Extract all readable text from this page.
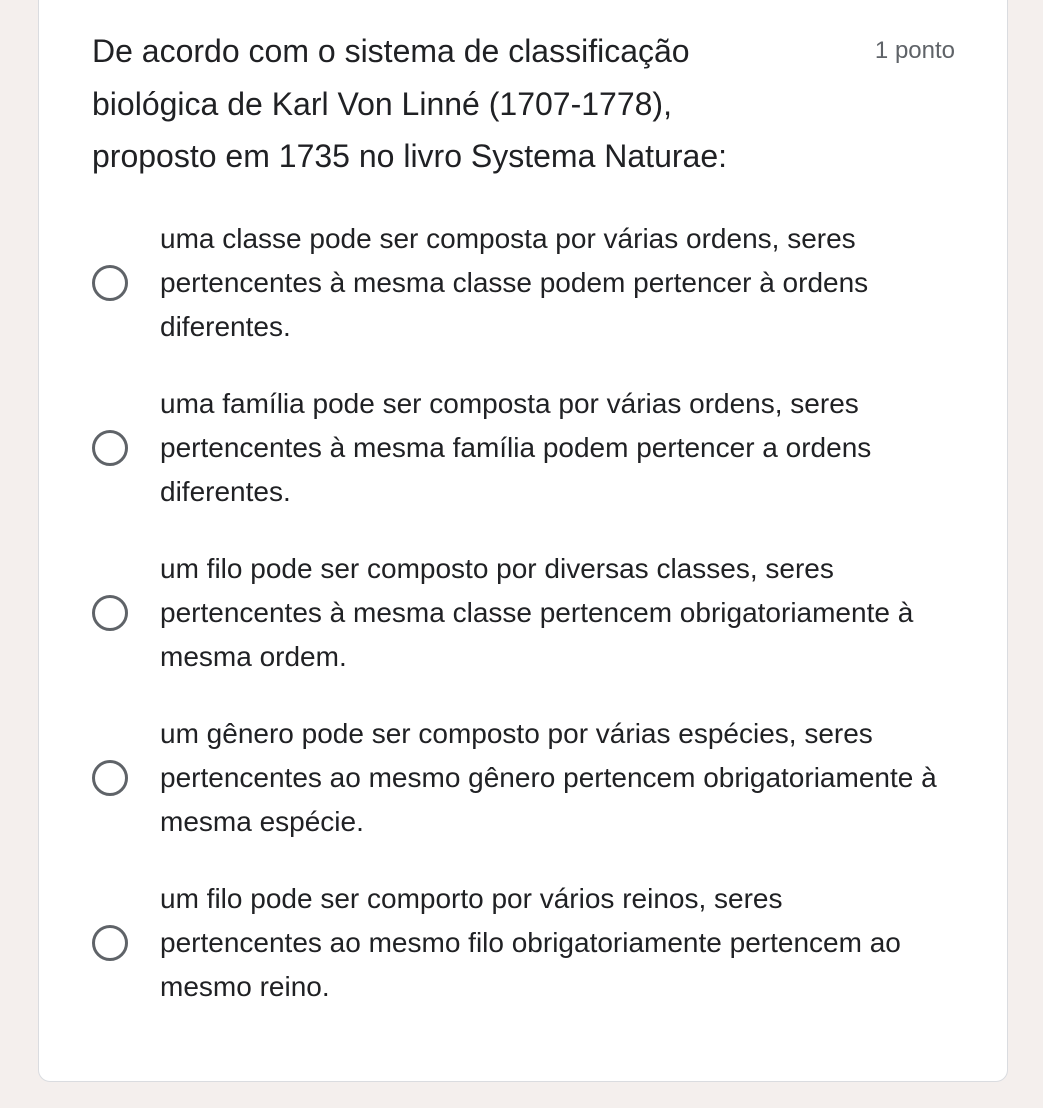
De acordo com o sistema de classificação biológica de Karl Von Linné (1707-1778), proposto em 1735 no livro Systema Naturae:
1 ponto
uma classe pode ser composta por várias ordens, seres pertencentes à mesma classe podem pertencer à ordens diferentes.
uma família pode ser composta por várias ordens, seres pertencentes à mesma família podem pertencer a ordens diferentes.
um filo pode ser composto por diversas classes, seres pertencentes à mesma classe pertencem obrigatoriamente à mesma ordem.
um gênero pode ser composto por várias espécies, seres pertencentes ao mesmo gênero pertencem obrigatoriamente à mesma espécie.
um filo pode ser comporto por vários reinos, seres pertencentes ao mesmo filo obrigatoriamente pertencem ao mesmo reino.
